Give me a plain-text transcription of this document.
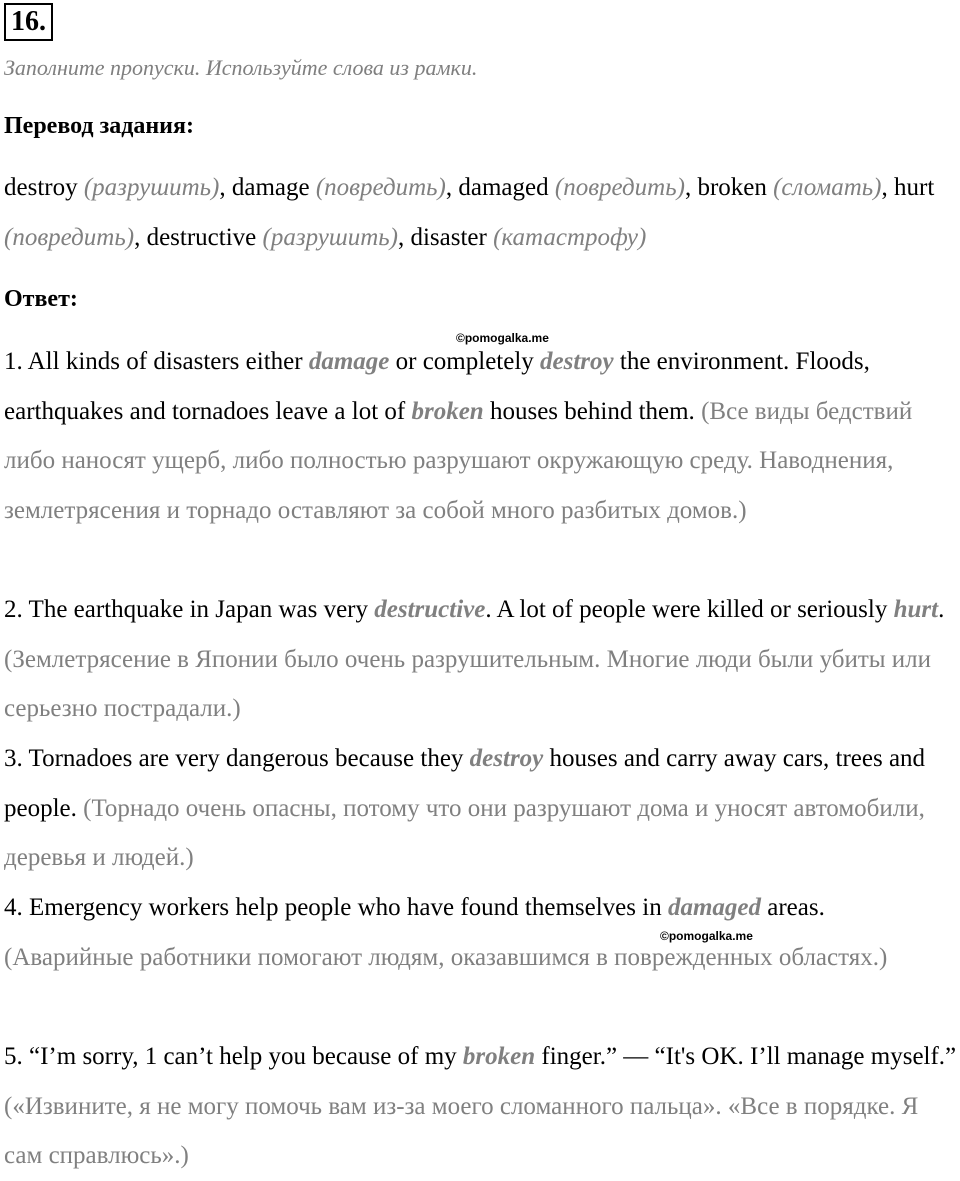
16.
Заполните пропуски. Используйте слова из рамки.
Перевод задания:
destroy (разрушить), damage (повредить), damaged (повредить), broken (сломать), hurt (повредить), destructive (разрушить), disaster (катастрофу)
Ответ:
©pomogalka.me
1. All kinds of disasters either damage or completely destroy the environment. Floods, earthquakes and tornadoes leave a lot of broken houses behind them. (Все виды бедствий либо наносят ущерб, либо полностью разрушают окружающую среду. Наводнения, землетрясения и торнадо оставляют за собой много разбитых домов.)
2. The earthquake in Japan was very destructive. A lot of people were killed or seriously hurt. (Землетрясение в Японии было очень разрушительным. Многие люди были убиты или серьезно пострадали.)
3. Tornadoes are very dangerous because they destroy houses and carry away cars, trees and people. (Торнадо очень опасны, потому что они разрушают дома и уносят автомобили, деревья и людей.)
4. Emergency workers help people who have found themselves in damaged areas. (Аварийные работники помогают людям, оказавшимся в поврежденных областях.)
©pomogalka.me
5. “I’m sorry, 1 can’t help you because of my broken finger.” — “It's OK. I’ll manage myself.” («Извините, я не могу помочь вам из-за моего сломанного пальца». «Все в порядке. Я сам справлюсь».)
